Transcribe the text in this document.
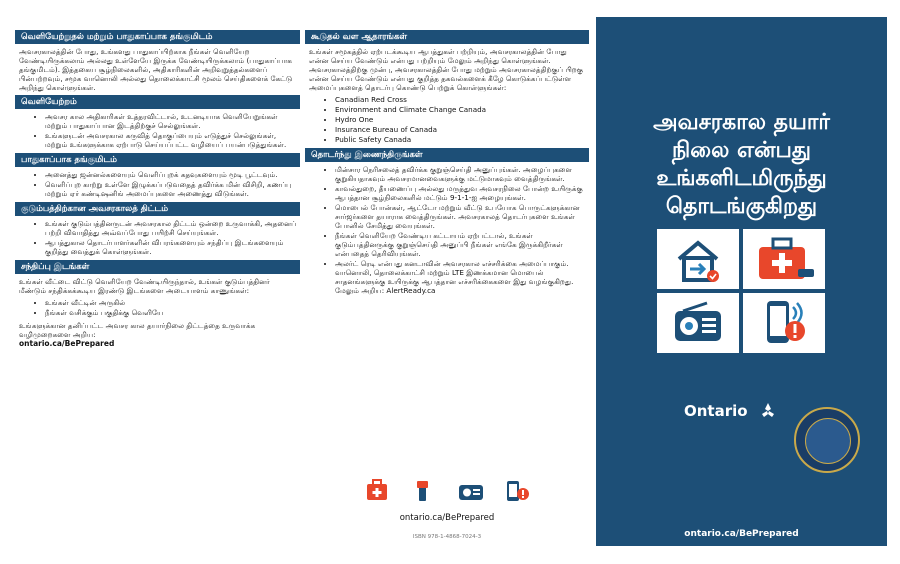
வெளியேற்றுதல் மற்றும் பாதுகாப்பாக தங்குமிடம்

அவசரகாலத்தின் போது, உங்களது பாதுகாப்பிற்காக நீங்கள் வெளியேற வேண்டியிருக்கலாம் அல்லது உள்ளேயே இருக்க வேண்டியிருக்கலாம் (பாதுகாப்பாக தங்குமிடம்). இத்தகைய சூழ்நிலைகளில், அதிகாரிகளின் அறிவுறுத்தல்களைப் பின்பற்றவும், சமூக வானொலி அல்லது தொலைக்காட்சி மூலம் செய்திகளைக் கேட்டு அறிந்து கொள்ளுங்கள்.

வெளியேற்றம்
• அவசர கால அதிகாரிகள் உத்தரவிட்டால், உடனடியாக வெளியேறுங்கள் மற்றும் பாதுகாப்பான இடத்திற்குச் செல்லுங்கள்.
• உங்களுடன் அவசரகால கருவித் தொகுப்பையும் எடுத்துச் செல்லுங்கள், மற்றும் உங்களுக்காக ஏற்பாடு செய்யப்பட்ட வழியைப் பயன்படுத்துங்கள்.
பாதுகாப்பாக தங்குமிடம்
• அனைத்து ஜன்னல்களையும் வெளிப்புறக் கதவுகளையும் மூடி பூட்டவும்.
• வெளிப்புற காற்று உள்ளே இழுக்கப்படுவதைத் தவிர்க்க மின் விசிறி, கணப்பு மற்றும் ஏர் கண்டிஷனிங் அமைப்புகளை அணைத்து விடுங்கள்.
குடும்பத்திற்கான அவசரகாலத் திட்டம்
• உங்கள் குடும்பத்தினருடன் அவசரகால திட்டம் ஒன்றை உருவாக்கி, அதனைப் பற்றி விவாதித்து அவ்வப்போது பயிற்சி செய்யுங்கள்.
• ஆபத்துகால தொடர்பாளர்களின் விபரங்களையும் சந்திப்பு இடங்களையும் குறித்து வைத்துக் கொள்ளுங்கள்.
சந்திப்பு இடங்கள்

உங்கள் வீட்டை விட்டு வெளியேற வேண்டியிருந்தால், உங்கள் குடும்பத்தினர் மீண்டும் சந்திக்கக்கூடிய இரண்டு இடங்களை அடையாளம் காணுங்கள்:

• உங்கள் வீட்டின் அருகில்
• நீங்கள் வசிக்கும் பகுதிக்கு வெளியே

உங்களுக்கான தனிப்பட்ட அவசர கால தயார்நிலை திட்டத்தை உருவாக்க வழிமுறைகளை அறிய:
ontario.ca/BePrepared

கூடுதல் வள ஆதாரங்கள்

உங்கள் சமூகத்தில் ஏற்படக்கூடிய ஆபத்துகள் பற்றியும், அவசரகாலத்தின் போது என்ன செய்ய வேண்டும் என்பது பற்றியும் மேலும் அறிந்து கொள்ளுங்கள். அவசரகாலத்திற்கு முன்பு, அவசரகாலத்தின் போது மற்றும் அவசரகாலத்திற்குப் பிறகு என்ன செய்ய வேண்டும் என்பது குறித்த தகவல்களைக் கீழே கொடுக்கப்பட்டுள்ள அமைப்புகளைத் தொடர்பு கொண்டு பெற்றுக் கொள்ளுங்கள்:

• Canadian Red Cross
• Environment and Climate Change Canada
• Hydro One
• Insurance Bureau of Canada
• Public Safety Canada
தொடர்ந்து இணைந்திருங்கள்
• மின்சார நெரிசலைத் தவிர்க்க குறுஞ்செய்தி அனுப்புங்கள். அழைப்புகளை குறுகியதாகவும் அவசரமானவைகளுக்கு மட்டுமாகவும் வைத்திருங்கள்.
• காவல்துறை, தீயணைப்பு அல்லது மருத்துவ அவசரநிலை போன்ற உயிருக்கு ஆபத்தான சூழ்நிலைகளில் மட்டும் 9-1-1-ஐ அழையுங்கள்.
• மொபைல் போன்கள், ஆட்டோ மற்றும் வீட்டு உபயோக பொருட்களுக்கான சார்ஜர்களை தயாராக வைத்திருங்கள். அவசரகாலத் தொடர்புகளை உங்கள் போனில் சேமித்து வையுங்கள்.
• நீங்கள் வெளியேற வேண்டிய கட்டாயம் ஏற்பட்டால், உங்கள் குடும்பத்தினருக்கு குறுஞ்செய்தி அனுப்பி நீங்கள் எங்கே இருக்கிறீர்கள் என்பதைத் தெரிவியுங்கள்.
• அலர்ட் ரெடி என்பது கனடாவின் அவசரகால எச்சரிக்கை அமைப்பாகும். வானொலி, தொலைக்காட்சி மற்றும் LTE இணக்கமான மொபைல் சாதனங்களுக்கு உயிருக்கு ஆபத்தான எச்சரிக்கைகளை இது வழங்குகிறது. மேலும் அறிய: AlertReady.ca
ontario.ca/BePrepared
ISBN 978-1-4868-7024-3
அவசரகால தயார்
நிலை என்பது
உங்களிடமிருந்து
தொடங்குகிறது
Ontario
ontario.ca/BePrepared
